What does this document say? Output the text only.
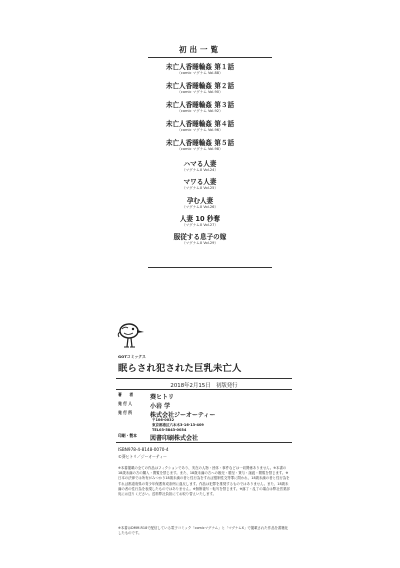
初出一覧
未亡人香睡輪姦 第１話
（comic マグナム Vol.88）
未亡人香睡輪姦 第２話
（comic マグナム Vol.90）
未亡人香睡輪姦 第３話
（comic マグナム Vol.92）
未亡人香睡輪姦 第４話
（comic マグナム Vol.96）
未亡人香睡輪姦 第５話
（comic マグナム Vol.98）
ハマる人妻
（マグナムX Vol.24）
マワる人妻
（マグナムX Vol.25）
孕む人妻
（マグナムX Vol.26）
人妻 10 秒奪
（マグナムX Vol.27）
服従する息子の嫁
（マグナムX Vol.29）
GOTコミックス
眠らされ犯された巨乳未亡人
2018年2月15日　初版発行
著　　者	葵ヒトリ
発 行 人	小岩 学
発 行 所	株式会社ジーオーティー
〒106-0032
東京都港区六本木3-16-13-409
TEL03-5843-0034
印刷・製本	図書印刷株式会社
ISBN978-4-8148-0070-4
©葵ヒトリ／ジーオーティー
※本書掲載の全ての作品はフィクションであり、実在の人物・団体・事件などは一切関係ありません。※本書の18歳未満の方の購入・閲覧を禁じます。また、18歳未満の方への販売・贈呈・貸与・譲渡・閲覧を禁じます。※日本の法律では所有がみつかり18歳未満の者と性行為をすれば強制性交等罪に問われ、18歳未満の者と性行為をすれば都道府県の青少年保護育成条例に違反します。作品は犯罪を推奨するものではありません。また、18歳未満の者の性行為を表現したものではありません。※無断複写・転写を禁じます。※落丁・乱丁の場合は弊社営業部宛にお送りください。送料弊社負担にてお取り替えいたします。
※本書はDMM.R18で配信している電子コミック「comicマグナム」と「マグナムX」で掲載された作品を書籍化したものです。
